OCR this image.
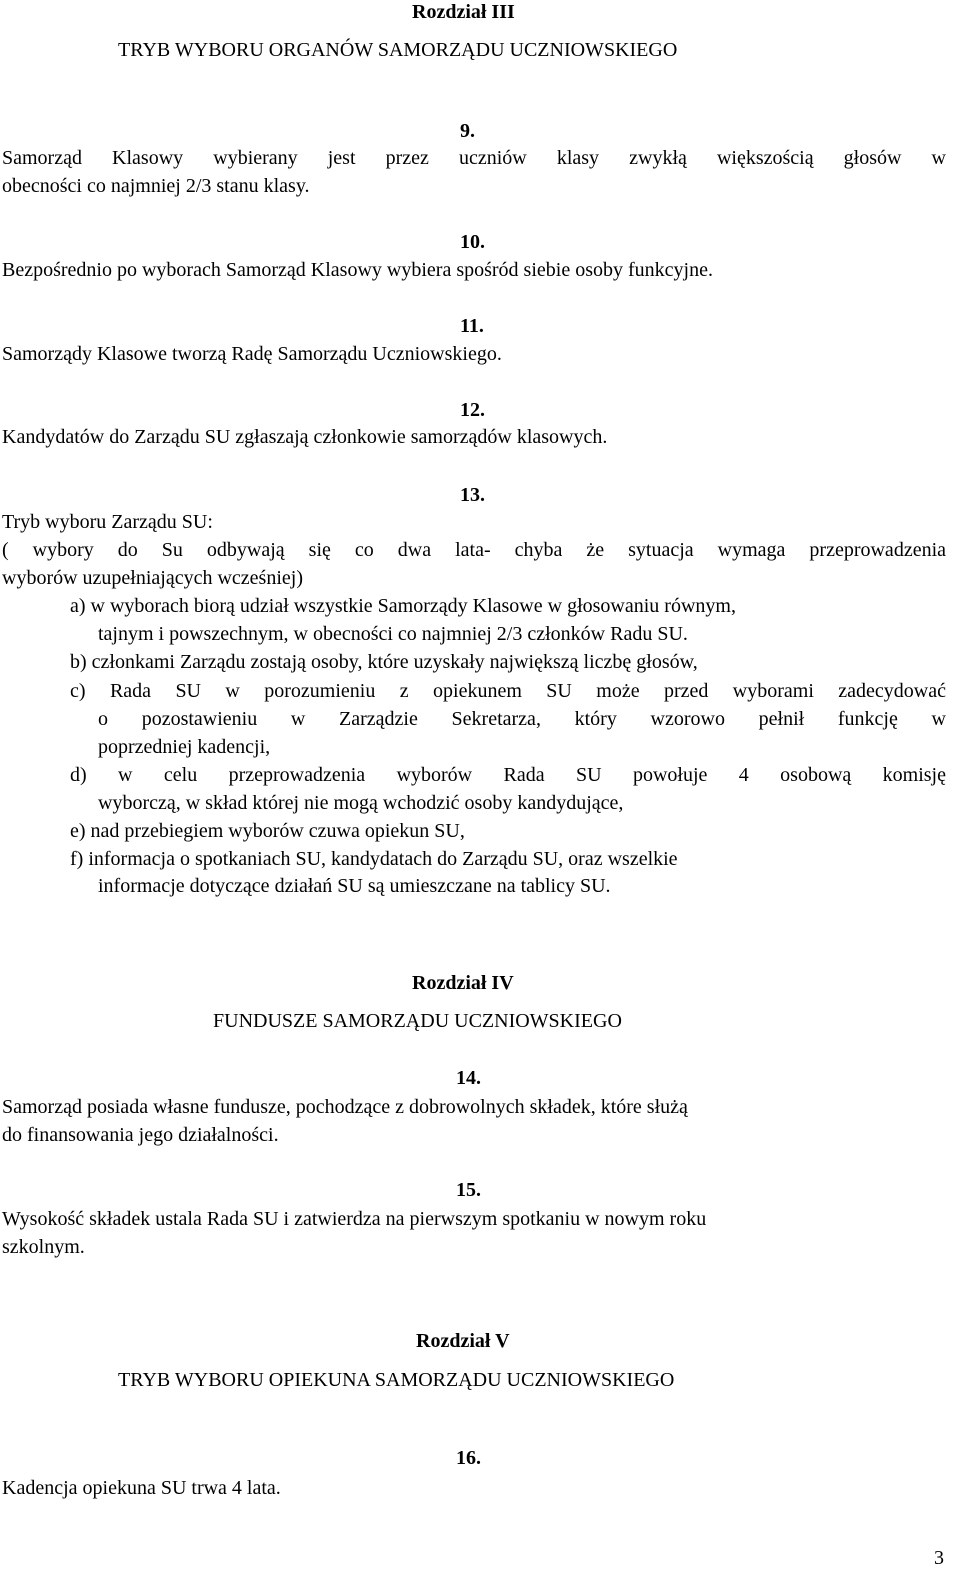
Rozdział III
TRYB WYBORU ORGANÓW SAMORZĄDU UCZNIOWSKIEGO
9.
Samorząd Klasowy wybierany jest przez uczniów klasy zwykłą większością głosów w
obecności co najmniej 2/3 stanu klasy.
10.
Bezpośrednio po wyborach Samorząd Klasowy wybiera spośród siebie osoby funkcyjne.
11.
Samorządy Klasowe tworzą Radę Samorządu Uczniowskiego.
12.
Kandydatów do Zarządu SU zgłaszają członkowie samorządów klasowych.
13.
Tryb wyboru Zarządu SU:
( wybory do Su odbywają się co dwa lata- chyba że sytuacja wymaga przeprowadzenia
wyborów uzupełniających wcześniej)
a) w wyborach biorą udział wszystkie Samorządy Klasowe w głosowaniu równym,
tajnym i powszechnym, w obecności co najmniej 2/3 członków Radu SU.
b) członkami Zarządu zostają osoby, które uzyskały największą liczbę głosów,
c) Rada SU w porozumieniu z opiekunem SU może przed wyborami zadecydować
o pozostawieniu w Zarządzie Sekretarza, który wzorowo pełnił funkcję w
poprzedniej kadencji,
d) w celu przeprowadzenia wyborów Rada SU powołuje 4 osobową komisję
wyborczą, w skład której nie mogą wchodzić osoby kandydujące,
e) nad przebiegiem wyborów czuwa opiekun SU,
f) informacja o spotkaniach SU, kandydatach do Zarządu SU, oraz wszelkie
informacje dotyczące działań SU są umieszczane na tablicy SU.
Rozdział IV
FUNDUSZE SAMORZĄDU UCZNIOWSKIEGO
14.
Samorząd posiada własne fundusze, pochodzące z dobrowolnych składek, które służą
do finansowania jego działalności.
15.
Wysokość składek ustala Rada SU i zatwierdza na pierwszym spotkaniu w nowym roku
szkolnym.
Rozdział V
TRYB WYBORU OPIEKUNA SAMORZĄDU UCZNIOWSKIEGO
16.
Kadencja opiekuna SU trwa 4 lata.
3
